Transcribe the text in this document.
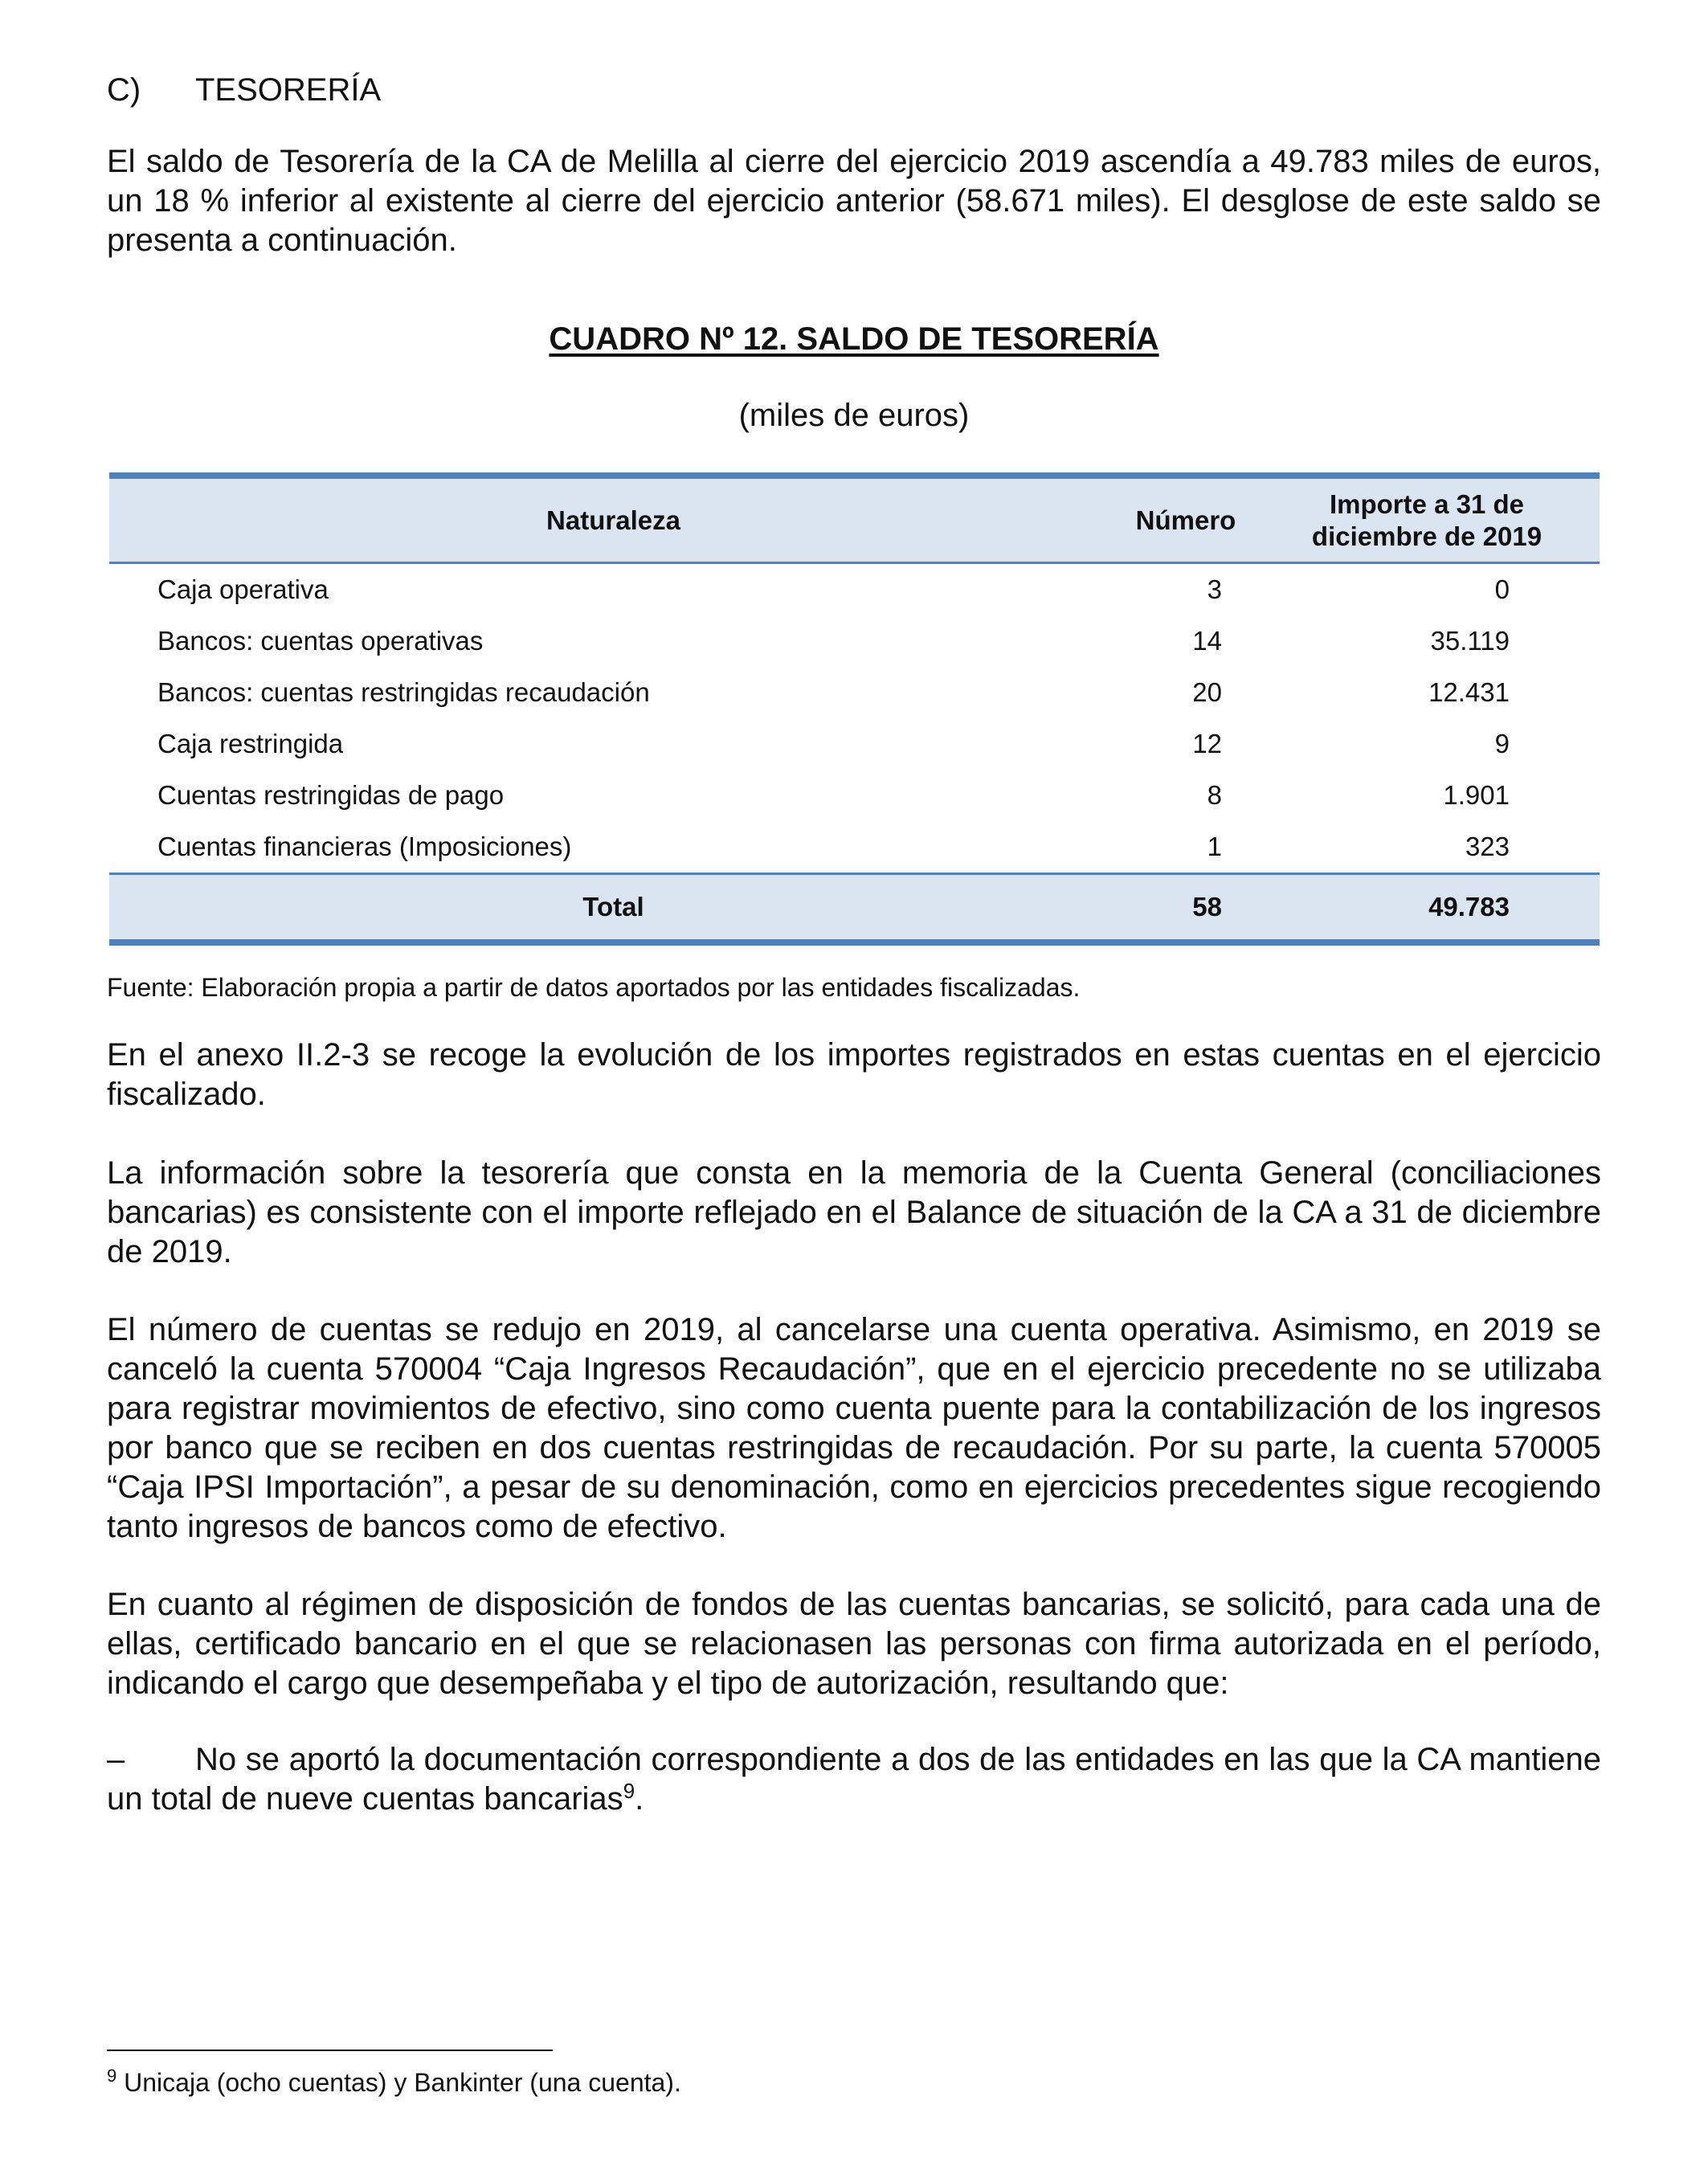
C) TESORERÍA

El saldo de Tesorería de la CA de Melilla al cierre del ejercicio 2019 ascendía a 49.783 miles de euros, un 18 % inferior al existente al cierre del ejercicio anterior (58.671 miles). El desglose de este saldo se presenta a continuación.

CUADRO Nº 12. SALDO DE TESORERÍA
(miles de euros)
Naturaleza	Número	Importe a 31 de diciembre de 2019

Caja operativa	3	0
Bancos: cuentas operativas	14	35.119
Bancos: cuentas restringidas recaudación	20	12.431
Caja restringida	12	9
Cuentas restringidas de pago	8	1.901
Cuentas financieras (Imposiciones)	1	323
Total	58	49.783
Fuente: Elaboración propia a partir de datos aportados por las entidades fiscalizadas.

En el anexo II.2-3 se recoge la evolución de los importes registrados en estas cuentas en el ejercicio fiscalizado.

La información sobre la tesorería que consta en la memoria de la Cuenta General (conciliaciones bancarias) es consistente con el importe reflejado en el Balance de situación de la CA a 31 de diciembre de 2019.

El número de cuentas se redujo en 2019, al cancelarse una cuenta operativa. Asimismo, en 2019 se canceló la cuenta 570004 “Caja Ingresos Recaudación”, que en el ejercicio precedente no se utilizaba para registrar movimientos de efectivo, sino como cuenta puente para la contabilización de los ingresos por banco que se reciben en dos cuentas restringidas de recaudación. Por su parte, la cuenta 570005 “Caja IPSI Importación”, a pesar de su denominación, como en ejercicios precedentes sigue recogiendo tanto ingresos de bancos como de efectivo.

En cuanto al régimen de disposición de fondos de las cuentas bancarias, se solicitó, para cada una de ellas, certificado bancario en el que se relacionasen las personas con firma autorizada en el período, indicando el cargo que desempeñaba y el tipo de autorización, resultando que:

– No se aportó la documentación correspondiente a dos de las entidades en las que la CA mantiene un total de nueve cuentas bancarias$^9$.

$^9$ Unicaja (ocho cuentas) y Bankinter (una cuenta).
